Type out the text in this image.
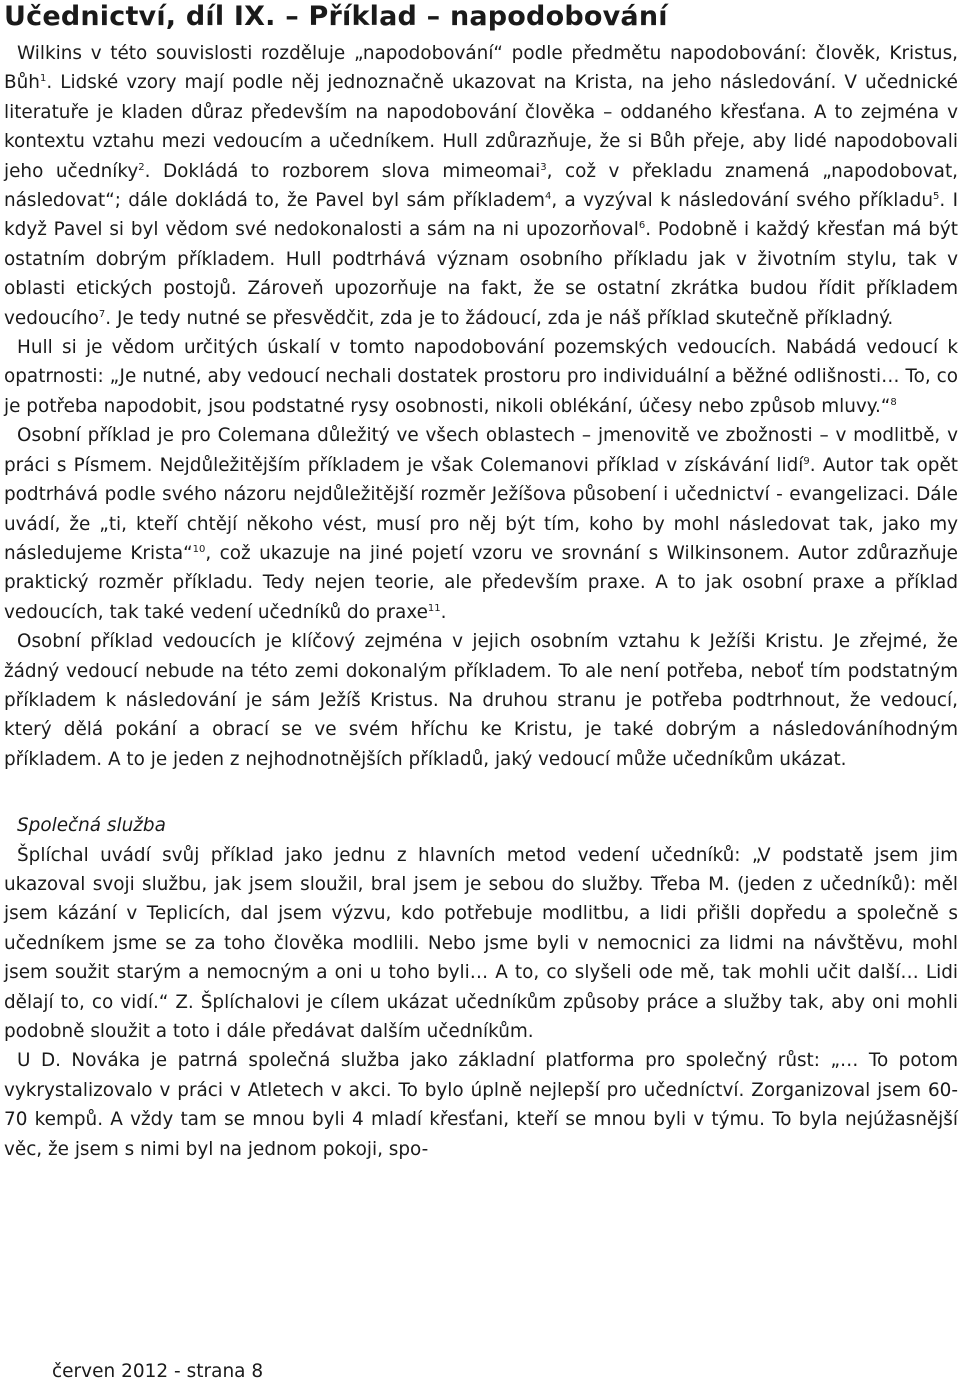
Učednictví, díl IX. – Příklad – napodobování

Wilkins v této souvislosti rozděluje „napodobování“ podle předmětu napodobování: člověk, Kristus, Bůh$^1$. Lidské vzory mají podle něj jednoznačně ukazovat na Krista, na jeho následování. V učednické literatuře je kladen důraz především na napodobování člověka – oddaného křesťana. A to zejména v kontextu vztahu mezi vedoucím a učedníkem. Hull zdůrazňuje, že si Bůh přeje, aby lidé napodobovali jeho učedníky$^2$. Dokládá to rozborem slova mimeomai$^3$, což v překladu znamená „napodobovat, následovat“; dále dokládá to, že Pavel byl sám příkladem$^4$, a vyzýval k následování svého příkladu$^5$. I když Pavel si byl vědom své nedokonalosti a sám na ni upozorňoval$^6$. Podobně i každý křesťan má být ostatním dobrým příkladem. Hull podtrhává význam osobního příkladu jak v životním stylu, tak v oblasti etických postojů. Zároveň upozorňuje na fakt, že se ostatní zkrátka budou řídit příkladem vedoucího$^7$. Je tedy nutné se přesvědčit, zda je to žádoucí, zda je náš příklad skutečně příkladný.

Hull si je vědom určitých úskalí v tomto napodobování pozemských vedoucích. Nabádá vedoucí k opatrnosti: „Je nutné, aby vedoucí nechali dostatek prostoru pro individuální a běžné odlišnosti… To, co je potřeba napodobit, jsou podstatné rysy osobnosti, nikoli oblékání, účesy nebo způsob mluvy.“$^8$

Osobní příklad je pro Colemana důležitý ve všech oblastech – jmenovitě ve zbožnosti – v modlitbě, v práci s Písmem. Nejdůležitějším příkladem je však Colemanovi příklad v získávání lidí$^9$. Autor tak opět podtrhává podle svého názoru nejdůležitější rozměr Ježíšova působení i učednictví - evangelizaci. Dále uvádí, že „ti, kteří chtějí někoho vést, musí pro něj být tím, koho by mohl následovat tak, jako my následujeme Krista“$^{10}$, což ukazuje na jiné pojetí vzoru ve srovnání s Wilkinsonem. Autor zdůrazňuje praktický rozměr příkladu. Tedy nejen teorie, ale především praxe. A to jak osobní praxe a příklad vedoucích, tak také vedení učedníků do praxe$^{11}$.

Osobní příklad vedoucích je klíčový zejména v jejich osobním vztahu k Ježíši Kristu. Je zřejmé, že žádný vedoucí nebude na této zemi dokonalým příkladem. To ale není potřeba, neboť tím podstatným příkladem k následování je sám Ježíš Kristus. Na druhou stranu je potřeba podtrhnout, že vedoucí, který dělá pokání a obrací se ve svém hříchu ke Kristu, je také dobrým a následováníhodným příkladem. A to je jeden z nejhodnotnějších příkladů, jaký vedoucí může učedníkům ukázat.

Společná služba

Šplíchal uvádí svůj příklad jako jednu z hlavních metod vedení učedníků: „V podstatě jsem jim ukazoval svoji službu, jak jsem sloužil, bral jsem je sebou do služby. Třeba M. (jeden z učedníků): měl jsem kázání v Teplicích, dal jsem výzvu, kdo potřebuje modlitbu, a lidi přišli dopředu a společně s učedníkem jsme se za toho člověka modlili. Nebo jsme byli v nemocnici za lidmi na návštěvu, mohl jsem soužit starým a nemocným a oni u toho byli… A to, co slyšeli ode mě, tak mohli učit další… Lidi dělají to, co vidí.“ Z. Šplíchalovi je cílem ukázat učedníkům způsoby práce a služby tak, aby oni mohli podobně sloužit a toto i dále předávat dalším učedníkům.

U D. Nováka je patrná společná služba jako základní platforma pro společný růst: „… To potom vykrystalizovalo v práci v Atletech v akci. To bylo úplně nejlepší pro učedníctví. Zorganizoval jsem 60-70 kempů. A vždy tam se mnou byli 4 mladí křesťani, kteří se mnou byli v týmu. To byla nejúžasnější věc, že jsem s nimi byl na jednom pokoji, spo-

červen 2012 - strana 8
